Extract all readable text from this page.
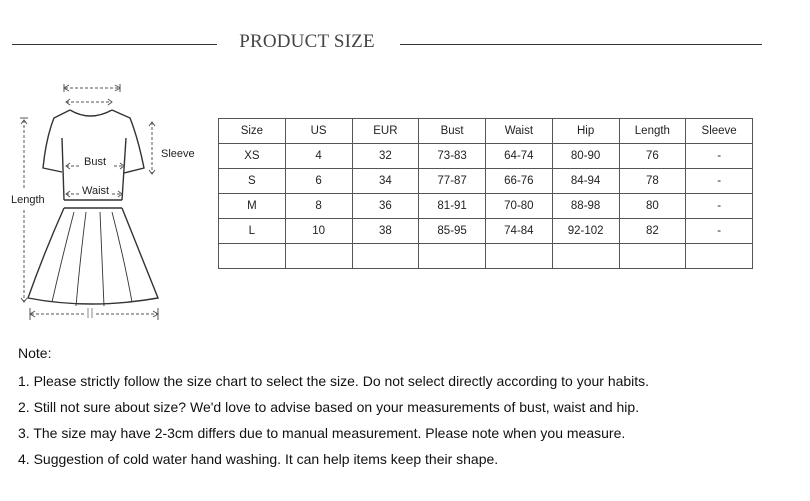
PRODUCT SIZE
Bust
Waist
Sleeve
Length
Size	US	EUR	Bust	Waist	Hip	Length	Sleeve
XS	4	32	73-83	64-74	80-90	76	-
S	6	34	77-87	66-76	84-94	78	-
M	8	36	81-91	70-80	88-98	80	-
L	10	38	85-95	74-84	92-102	82	-

Note:
1. Please strictly follow the size chart to select the size. Do not select directly according to your habits.
2. Still not sure about size? We'd love to advise based on your measurements of bust, waist and hip.
3. The size may have 2-3cm differs due to manual measurement. Please note when you measure.
4. Suggestion of cold water hand washing. It can help items keep their shape.
